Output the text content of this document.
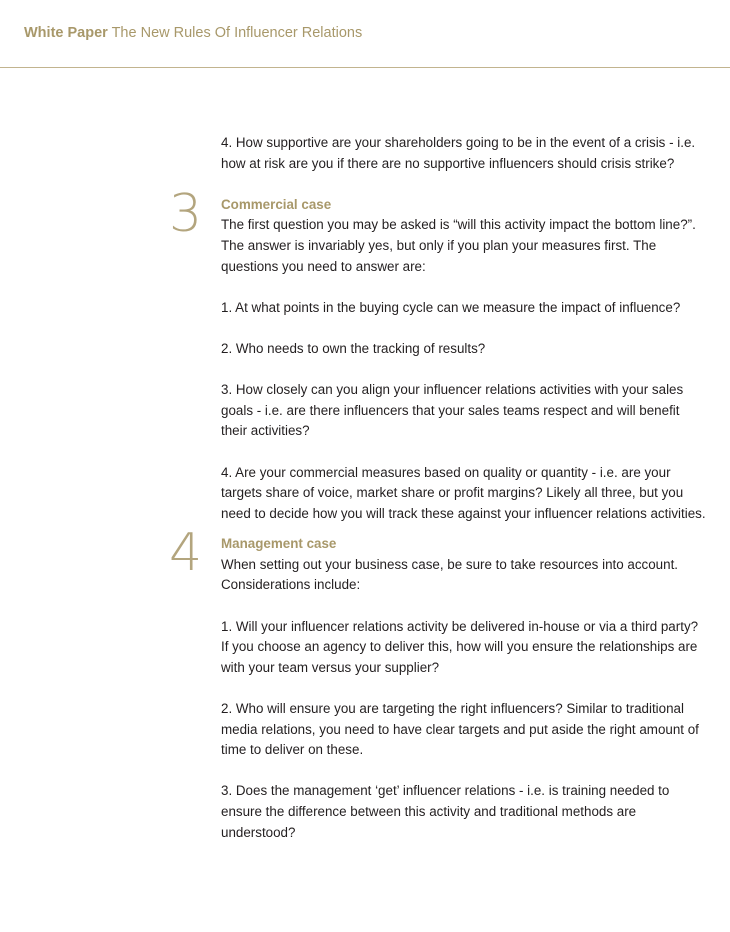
White Paper The New Rules Of Influencer Relations

4. How supportive are your shareholders going to be in the event of a crisis - i.e. how at risk are you if there are no supportive influencers should crisis strike?

3 Commercial case

The first question you may be asked is “will this activity impact the bottom line?”. The answer is invariably yes, but only if you plan your measures first. The questions you need to answer are:

1. At what points in the buying cycle can we measure the impact of influence?

2. Who needs to own the tracking of results?

3. How closely can you align your influencer relations activities with your sales goals - i.e. are there influencers that your sales teams respect and will benefit their activities?

4. Are your commercial measures based on quality or quantity - i.e. are your targets share of voice, market share or profit margins? Likely all three, but you need to decide how you will track these against your influencer relations activities.

4 Management case

When setting out your business case, be sure to take resources into account. Considerations include:

1. Will your influencer relations activity be delivered in-house or via a third party? If you choose an agency to deliver this, how will you ensure the relationships are with your team versus your supplier?

2. Who will ensure you are targeting the right influencers? Similar to traditional media relations, you need to have clear targets and put aside the right amount of time to deliver on these.

3. Does the management ‘get’ influencer relations - i.e. is training needed to ensure the difference between this activity and traditional methods are understood?
